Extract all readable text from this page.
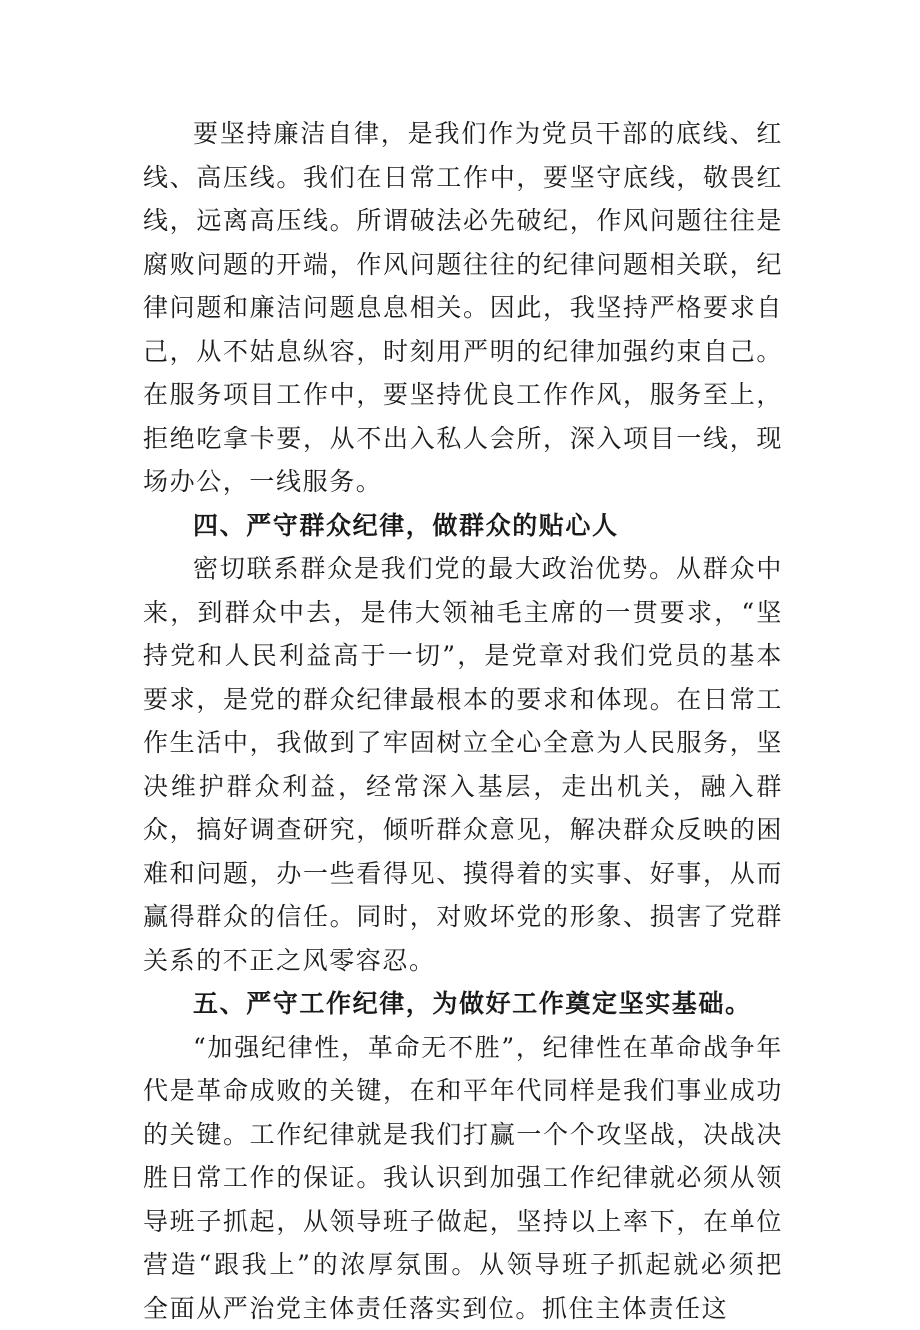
要坚持廉洁自律，是我们作为党员干部的底线、红线、高压线。我们在日常工作中，要坚守底线，敬畏红线，远离高压线。所谓破法必先破纪，作风问题往往是腐败问题的开端，作风问题往往的纪律问题相关联，纪律问题和廉洁问题息息相关。因此，我坚持严格要求自己，从不姑息纵容，时刻用严明的纪律加强约束自己。在服务项目工作中，要坚持优良工作作风，服务至上，拒绝吃拿卡要，从不出入私人会所，深入项目一线，现场办公，一线服务。

四、严守群众纪律，做群众的贴心人

密切联系群众是我们党的最大政治优势。从群众中来，到群众中去，是伟大领袖毛主席的一贯要求，“坚持党和人民利益高于一切”，是党章对我们党员的基本要求，是党的群众纪律最根本的要求和体现。在日常工作生活中，我做到了牢固树立全心全意为人民服务，坚决维护群众利益，经常深入基层，走出机关，融入群众，搞好调查研究，倾听群众意见，解决群众反映的困难和问题，办一些看得见、摸得着的实事、好事，从而赢得群众的信任。同时，对败坏党的形象、损害了党群关系的不正之风零容忍。

五、严守工作纪律，为做好工作奠定坚实基础。

“加强纪律性，革命无不胜”，纪律性在革命战争年代是革命成败的关键，在和平年代同样是我们事业成功的关键。工作纪律就是我们打赢一个个攻坚战，决战决胜日常工作的保证。我认识到加强工作纪律就必须从领导班子抓起，从领导班子做起，坚持以上率下，在单位营造“跟我上”的浓厚氛围。从领导班子抓起就必须把全面从严治党主体责任落实到位。抓住主体责任这
